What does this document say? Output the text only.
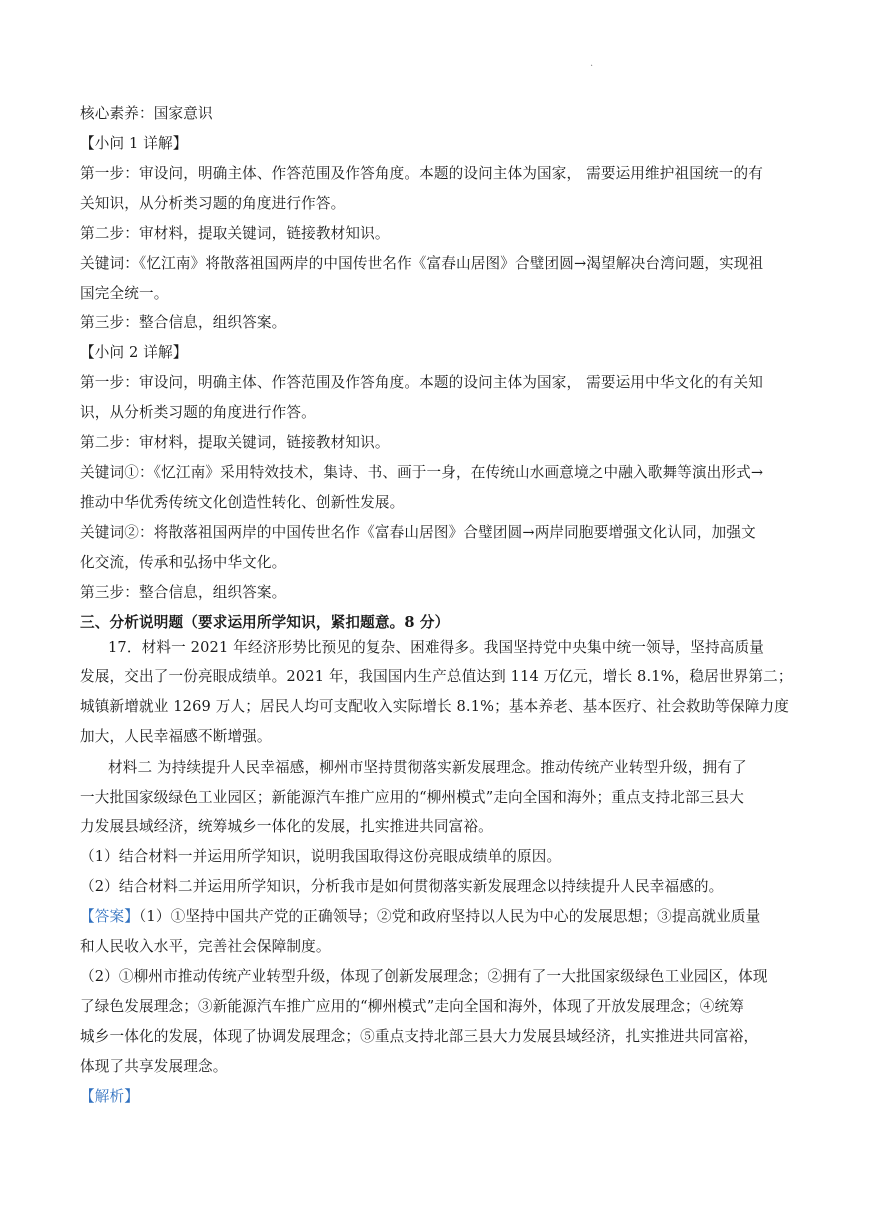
.
核心素养：国家意识
【小问 1 详解】
第一步：审设问，明确主体、作答范围及作答角度。本题的设问主体为国家， 需要运用维护祖国统一的有
关知识，从分析类习题的角度进行作答。
第二步：审材料，提取关键词，链接教材知识。
关键词：《忆江南》将散落祖国两岸的中国传世名作《富春山居图》合璧团圆→渴望解决台湾问题，实现祖
国完全统一。
第三步：整合信息，组织答案。
【小问 2 详解】
第一步：审设问，明确主体、作答范围及作答角度。本题的设问主体为国家， 需要运用中华文化的有关知
识，从分析类习题的角度进行作答。
第二步：审材料，提取关键词，链接教材知识。
关键词①：《忆江南》采用特效技术，集诗、书、画于一身，在传统山水画意境之中融入歌舞等演出形式→
推动中华优秀传统文化创造性转化、创新性发展。
关键词②：将散落祖国两岸的中国传世名作《富春山居图》合璧团圆→两岸同胞要增强文化认同，加强文
化交流，传承和弘扬中华文化。
第三步：整合信息，组织答案。
三、分析说明题（要求运用所学知识，紧扣题意。8 分）
17．材料一 2021 年经济形势比预见的复杂、困难得多。我国坚持党中央集中统一领导，坚持高质量
发展，交出了一份亮眼成绩单。2021 年，我国国内生产总值达到 114 万亿元，增长 8.1%，稳居世界第二；
城镇新增就业 1269 万人；居民人均可支配收入实际增长 8.1%；基本养老、基本医疗、社会救助等保障力度
加大，人民幸福感不断增强。
材料二 为持续提升人民幸福感，柳州市坚持贯彻落实新发展理念。推动传统产业转型升级，拥有了
一大批国家级绿色工业园区；新能源汽车推广应用的“柳州模式”走向全国和海外；重点支持北部三县大
力发展县域经济，统筹城乡一体化的发展，扎实推进共同富裕。
（1）结合材料一并运用所学知识，说明我国取得这份亮眼成绩单的原因。
（2）结合材料二并运用所学知识，分析我市是如何贯彻落实新发展理念以持续提升人民幸福感的。
【答案】（1）①坚持中国共产党的正确领导；②党和政府坚持以人民为中心的发展思想；③提高就业质量
和人民收入水平，完善社会保障制度。
（2）①柳州市推动传统产业转型升级，体现了创新发展理念；②拥有了一大批国家级绿色工业园区，体现
了绿色发展理念；③新能源汽车推广应用的“柳州模式”走向全国和海外，体现了开放发展理念；④统筹
城乡一体化的发展，体现了协调发展理念；⑤重点支持北部三县大力发展县域经济，扎实推进共同富裕，
体现了共享发展理念。
【解析】
